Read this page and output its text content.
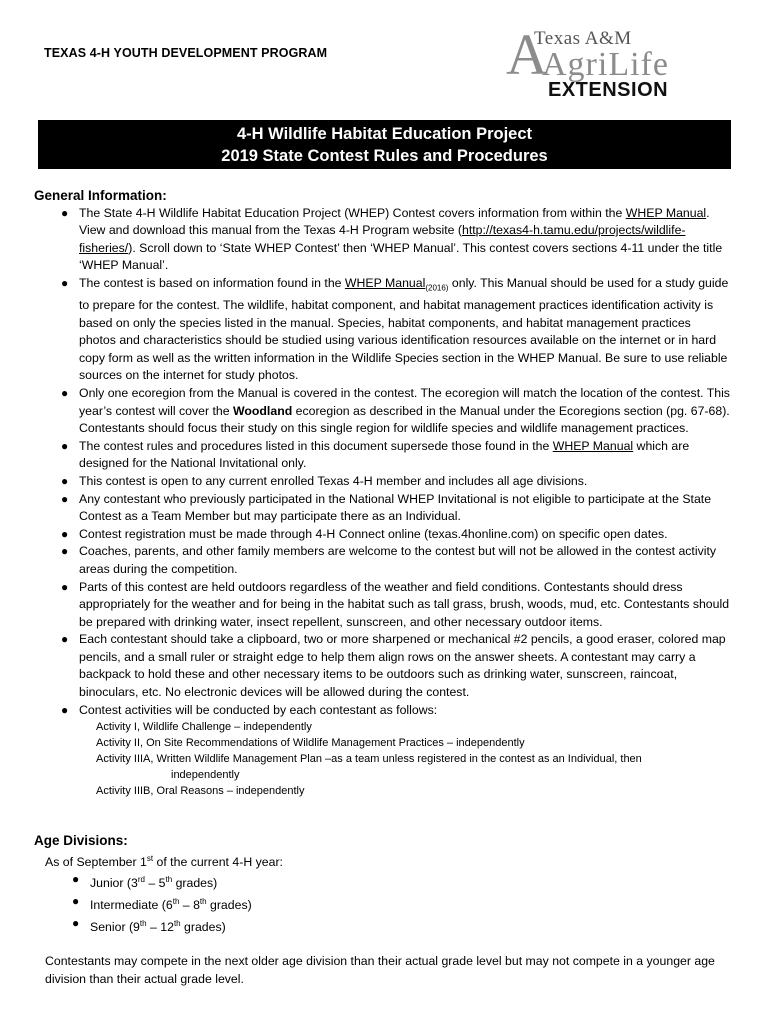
TEXAS 4-H YOUTH DEVELOPMENT PROGRAM	A
Texas A&M
AgriLife
EXTENSION
4-H Wildlife Habitat Education Project
2019 State Contest Rules and Procedures
General Information:
● The State 4-H Wildlife Habitat Education Project (WHEP) Contest covers information from within the WHEP Manual. View and download this manual from the Texas 4-H Program website (http://texas4-h.tamu.edu/projects/wildlife-fisheries/). Scroll down to ‘State WHEP Contest’ then ‘WHEP Manual’. This contest covers sections 4-11 under the title ‘WHEP Manual’.
● The contest is based on information found in the WHEP Manual$_{(2016)}$ only. This Manual should be used for a study guide to prepare for the contest. The wildlife, habitat component, and habitat management practices identification activity is based on only the species listed in the manual. Species, habitat components, and habitat management practices photos and characteristics should be studied using various identification resources available on the internet or in hard copy form as well as the written information in the Wildlife Species section in the WHEP Manual. Be sure to use reliable sources on the internet for study photos.
● Only one ecoregion from the Manual is covered in the contest. The ecoregion will match the location of the contest. This year’s contest will cover the Woodland ecoregion as described in the Manual under the Ecoregions section (pg. 67-68). Contestants should focus their study on this single region for wildlife species and wildlife management practices.
● The contest rules and procedures listed in this document supersede those found in the WHEP Manual which are designed for the National Invitational only.
● This contest is open to any current enrolled Texas 4-H member and includes all age divisions.
● Any contestant who previously participated in the National WHEP Invitational is not eligible to participate at the State Contest as a Team Member but may participate there as an Individual.
● Contest registration must be made through 4-H Connect online (texas.4honline.com) on specific open dates.
● Coaches, parents, and other family members are welcome to the contest but will not be allowed in the contest activity areas during the competition.
● Parts of this contest are held outdoors regardless of the weather and field conditions. Contestants should dress appropriately for the weather and for being in the habitat such as tall grass, brush, woods, mud, etc. Contestants should be prepared with drinking water, insect repellent, sunscreen, and other necessary outdoor items.
● Each contestant should take a clipboard, two or more sharpened or mechanical #2 pencils, a good eraser, colored map pencils, and a small ruler or straight edge to help them align rows on the answer sheets. A contestant may carry a backpack to hold these and other necessary items to be outdoors such as drinking water, sunscreen, raincoat, binoculars, etc. No electronic devices will be allowed during the contest.
● Contest activities will be conducted by each contestant as follows:
Activity I, Wildlife Challenge – independently
Activity II, On Site Recommendations of Wildlife Management Practices – independently
Activity IIIA, Written Wildlife Management Plan –as a team unless registered in the contest as an Individual, then
independently
Activity IIIB, Oral Reasons – independently
Age Divisions:
As of September 1st of the current 4-H year:
● Junior (3rd – 5th grades)
● Intermediate (6th – 8th grades)
● Senior (9th – 12th grades)
Contestants may compete in the next older age division than their actual grade level but may not compete in a younger age division than their actual grade level.
